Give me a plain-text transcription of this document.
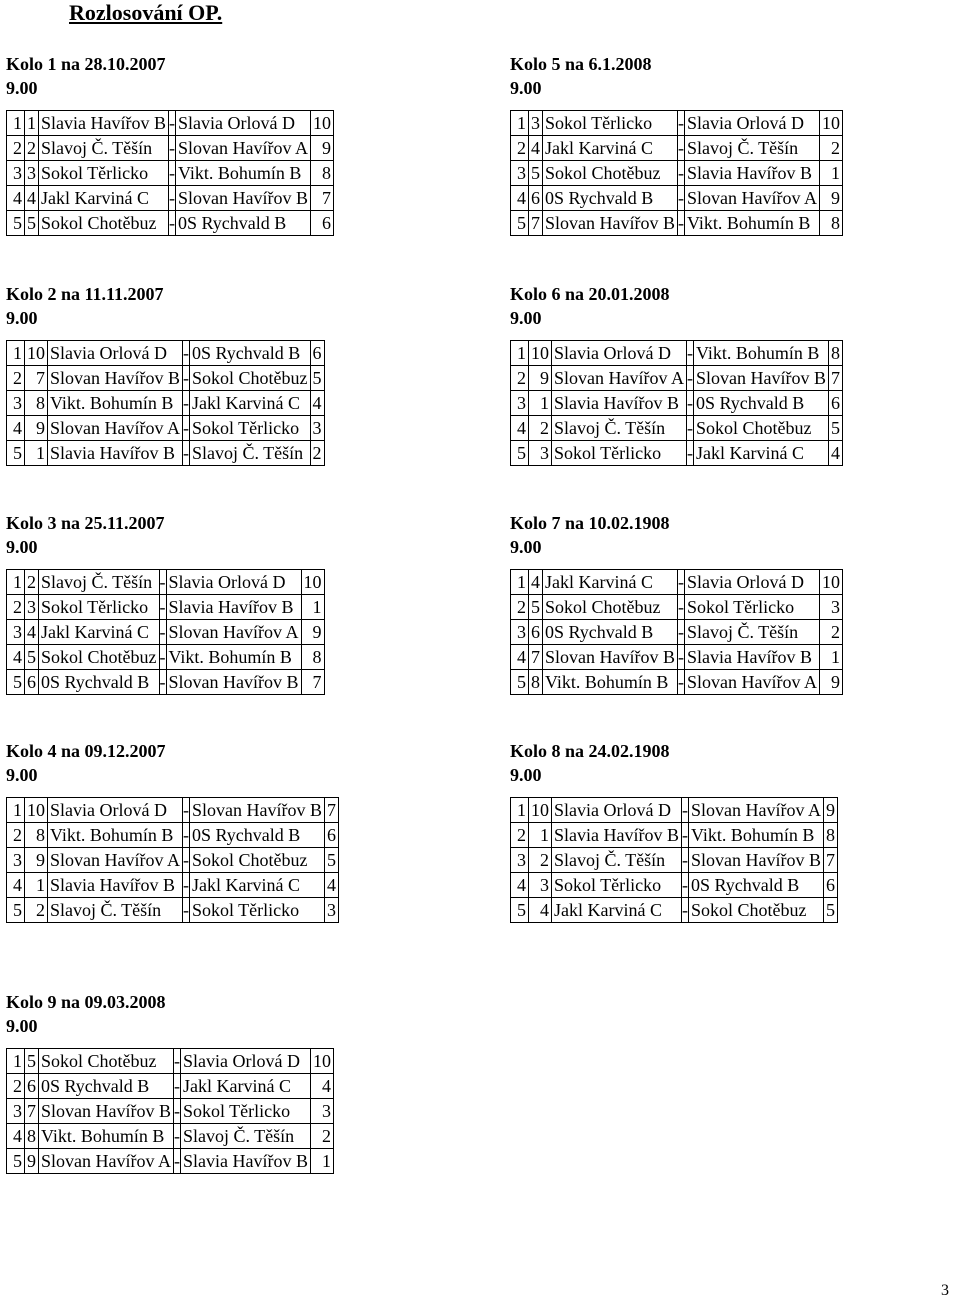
Rozlosování OP.
Kolo 1 na 28.10.2007
9.00
1	1	Slavia Havířov B	-	Slavia Orlová D	10
2	2	Slavoj Č. Těšín	-	Slovan Havířov A	9
3	3	Sokol Těrlicko	-	Vikt. Bohumín B	8
4	4	Jakl Karviná C	-	Slovan Havířov B	7
5	5	Sokol Chotěbuz	-	0S Rychvald B	6
Kolo 5 na 6.1.2008
9.00
1	3	Sokol Těrlicko	-	Slavia Orlová D	10
2	4	Jakl Karviná C	-	Slavoj Č. Těšín	2
3	5	Sokol Chotěbuz	-	Slavia Havířov B	1
4	6	0S Rychvald B	-	Slovan Havířov A	9
5	7	Slovan Havířov B	-	Vikt. Bohumín B	8
Kolo 2 na 11.11.2007
9.00
1	10	Slavia Orlová D	-	0S Rychvald B	6
2	7	Slovan Havířov B	-	Sokol Chotěbuz	5
3	8	Vikt. Bohumín B	-	Jakl Karviná C	4
4	9	Slovan Havířov A	-	Sokol Těrlicko	3
5	1	Slavia Havířov B	-	Slavoj Č. Těšín	2
Kolo 6 na 20.01.2008
9.00
1	10	Slavia Orlová D	-	Vikt. Bohumín B	8
2	9	Slovan Havířov A	-	Slovan Havířov B	7
3	1	Slavia Havířov B	-	0S Rychvald B	6
4	2	Slavoj Č. Těšín	-	Sokol Chotěbuz	5
5	3	Sokol Těrlicko	-	Jakl Karviná C	4
Kolo 3 na 25.11.2007
9.00
1	2	Slavoj Č. Těšín	-	Slavia Orlová D	10
2	3	Sokol Těrlicko	-	Slavia Havířov B	1
3	4	Jakl Karviná C	-	Slovan Havířov A	9
4	5	Sokol Chotěbuz	-	Vikt. Bohumín B	8
5	6	0S Rychvald B	-	Slovan Havířov B	7
Kolo 7 na 10.02.1908
9.00
1	4	Jakl Karviná C	-	Slavia Orlová D	10
2	5	Sokol Chotěbuz	-	Sokol Těrlicko	3
3	6	0S Rychvald B	-	Slavoj Č. Těšín	2
4	7	Slovan Havířov B	-	Slavia Havířov B	1
5	8	Vikt. Bohumín B	-	Slovan Havířov A	9
Kolo 4 na 09.12.2007
9.00
1	10	Slavia Orlová D	-	Slovan Havířov B	7
2	8	Vikt. Bohumín B	-	0S Rychvald B	6
3	9	Slovan Havířov A	-	Sokol Chotěbuz	5
4	1	Slavia Havířov B	-	Jakl Karviná C	4
5	2	Slavoj Č. Těšín	-	Sokol Těrlicko	3
Kolo 8 na 24.02.1908
9.00
1	10	Slavia Orlová D	-	Slovan Havířov A	9
2	1	Slavia Havířov B	-	Vikt. Bohumín B	8
3	2	Slavoj Č. Těšín	-	Slovan Havířov B	7
4	3	Sokol Těrlicko	-	0S Rychvald B	6
5	4	Jakl Karviná C	-	Sokol Chotěbuz	5
Kolo 9 na 09.03.2008
9.00
1	5	Sokol Chotěbuz	-	Slavia Orlová D	10
2	6	0S Rychvald B	-	Jakl Karviná C	4
3	7	Slovan Havířov B	-	Sokol Těrlicko	3
4	8	Vikt. Bohumín B	-	Slavoj Č. Těšín	2
5	9	Slovan Havířov A	-	Slavia Havířov B	1
3
